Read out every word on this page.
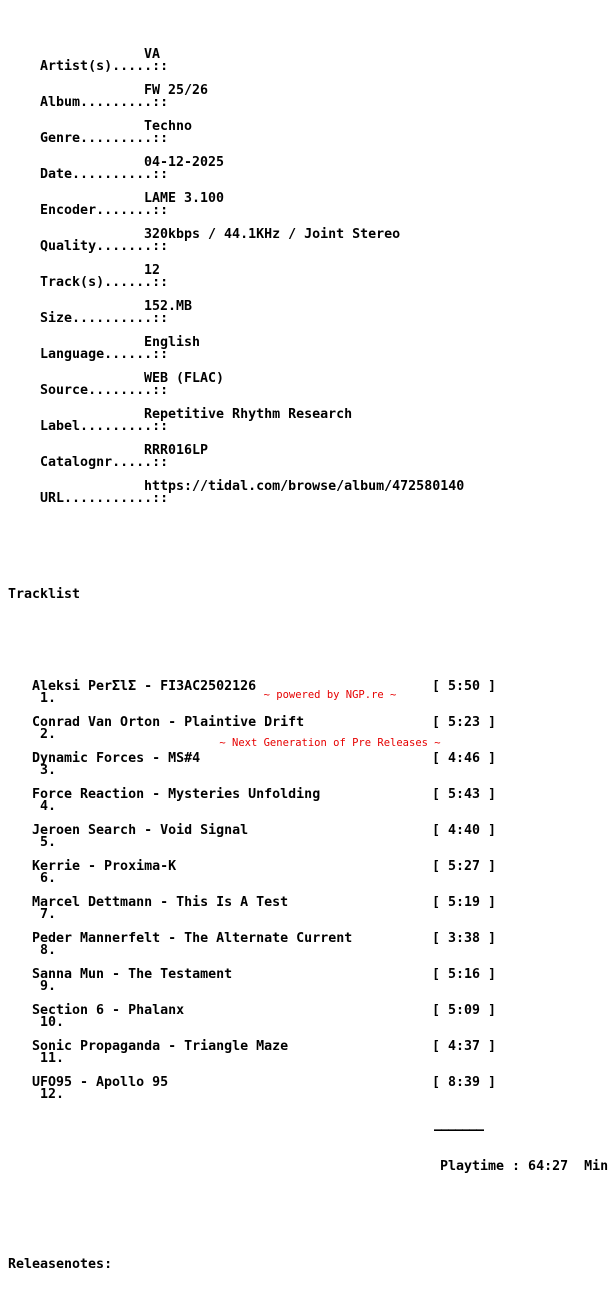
Artist(s).....::

VA

Album.........::

FW 25/26

Genre.........::

Techno

Date..........::

04-12-2025

Encoder.......::

LAME 3.100

Quality.......::

320kbps / 44.1KHz / Joint Stereo

Track(s)......::

12

Size..........::

152.MB

Language......::

English

Source........::

WEB (FLAC)

Label.........::

Repetitive Rhythm Research

Catalognr.....::

RRR016LP

URL...........::

https://tidal.com/browse/album/472580140

Tracklist

1.

Aleksi PerΣlΣ - FI3AC2502126

	[ 5:50 ]

2.

Conrad Van Orton - Plaintive Drift

	[ 5:23 ]

3.

Dynamic Forces - MS#4

	[ 4:46 ]

4.

Force Reaction - Mysteries Unfolding

	[ 5:43 ]

5.

Jeroen Search - Void Signal

	[ 4:40 ]

6.

Kerrie - Proxima-K

	[ 5:27 ]

7.

Marcel Dettmann - This Is A Test

	[ 5:19 ]

8.

Peder Mannerfelt - The Alternate Current

	[ 3:38 ]

9.

Sanna Mun - The Testament

	[ 5:16 ]

10.

Section 6 - Phalanx

	[ 5:09 ]

11.

Sonic Propaganda - Triangle Maze

	[ 4:37 ]

12.

UFO95 - Apollo 95

	[ 8:39 ]

———————

Playtime : 64:27  Min

Releasenotes:

~ powered by NGP.re ~

~ Next Generation of Pre Releases ~
